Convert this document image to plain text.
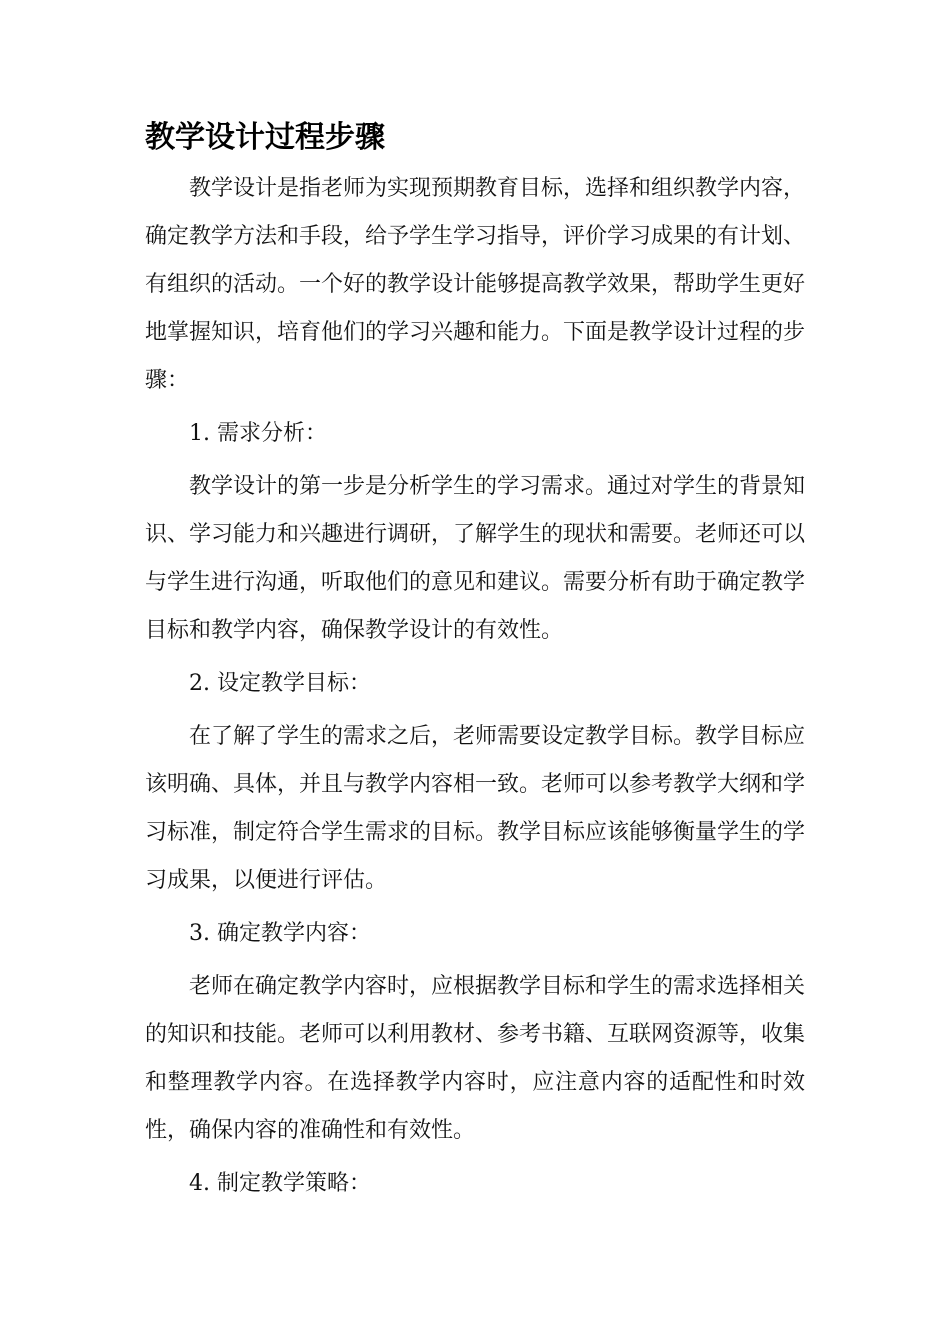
教学设计过程步骤

教学设计是指老师为实现预期教育目标，选择和组织教学内容，确定教学方法和手段，给予学生学习指导，评价学习成果的有计划、有组织的活动。一个好的教学设计能够提高教学效果，帮助学生更好地掌握知识，培育他们的学习兴趣和能力。下面是教学设计过程的步骤：

1. 需求分析：

教学设计的第一步是分析学生的学习需求。通过对学生的背景知识、学习能力和兴趣进行调研，了解学生的现状和需要。老师还可以与学生进行沟通，听取他们的意见和建议。需要分析有助于确定教学目标和教学内容，确保教学设计的有效性。

2. 设定教学目标：

在了解了学生的需求之后，老师需要设定教学目标。教学目标应该明确、具体，并且与教学内容相一致。老师可以参考教学大纲和学习标准，制定符合学生需求的目标。教学目标应该能够衡量学生的学习成果，以便进行评估。

3. 确定教学内容：

老师在确定教学内容时，应根据教学目标和学生的需求选择相关的知识和技能。老师可以利用教材、参考书籍、互联网资源等，收集和整理教学内容。在选择教学内容时，应注意内容的适配性和时效性，确保内容的准确性和有效性。

4. 制定教学策略：
